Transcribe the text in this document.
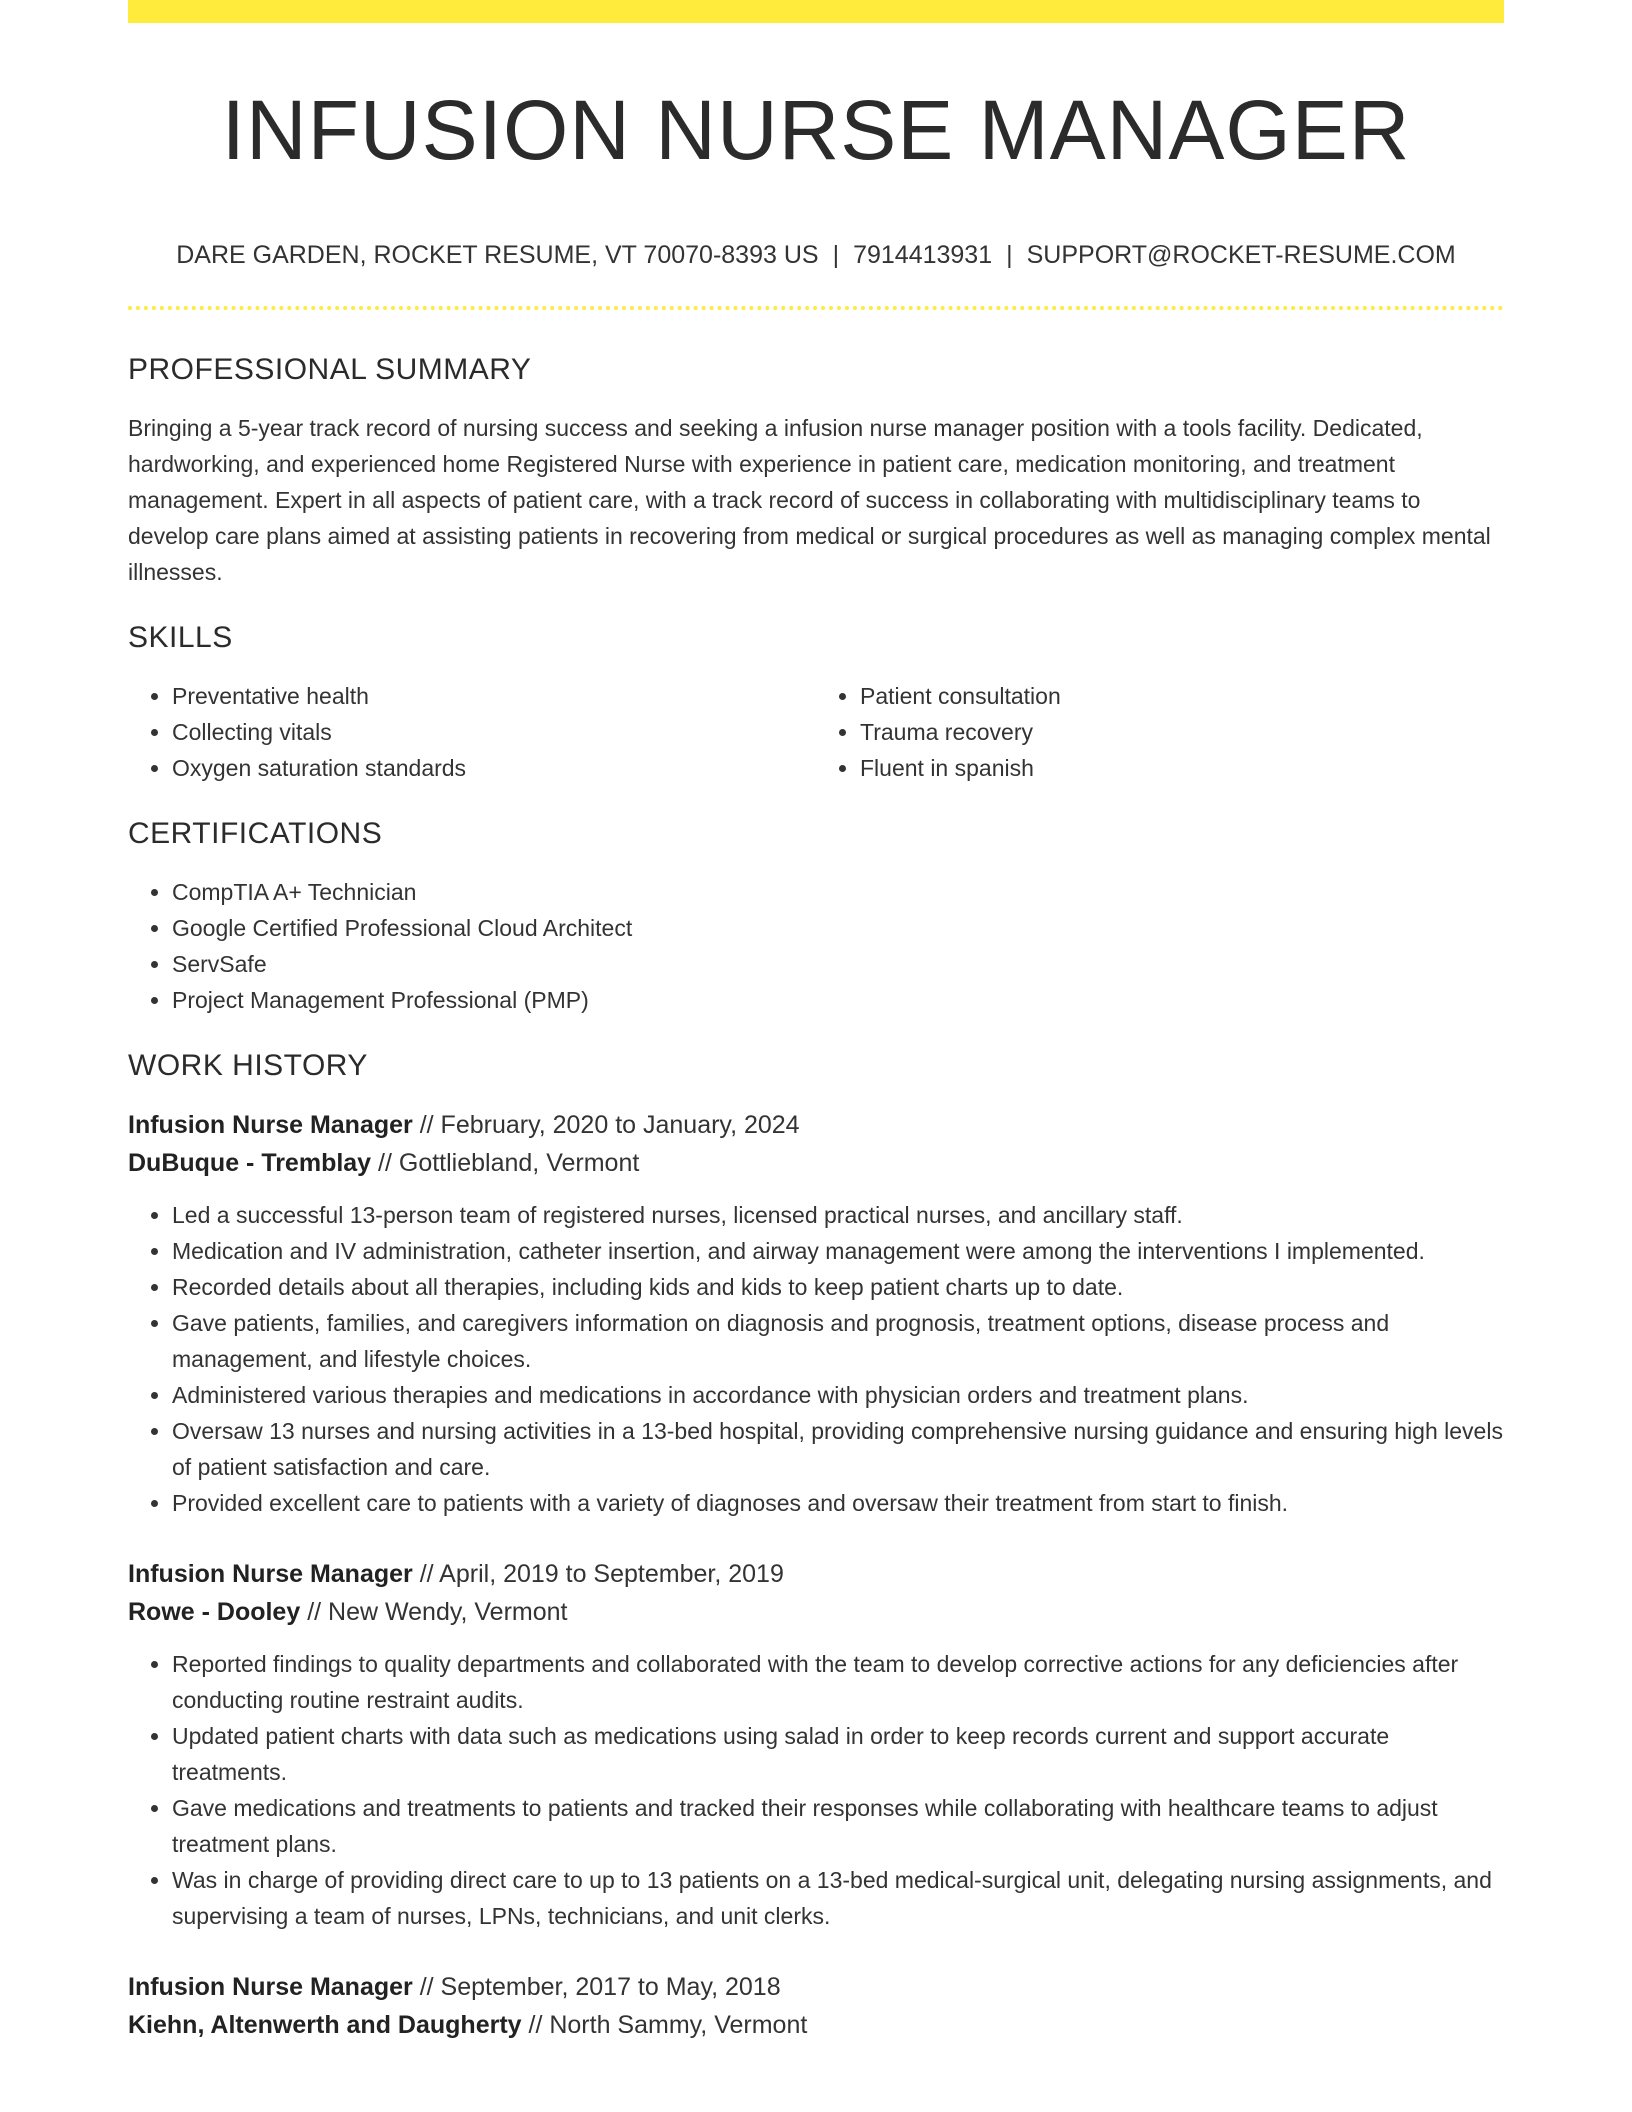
INFUSION NURSE MANAGER
DARE GARDEN, ROCKET RESUME, VT 70070-8393 US | 7914413931 | SUPPORT@ROCKET-RESUME.COM
PROFESSIONAL SUMMARY

Bringing a 5-year track record of nursing success and seeking a infusion nurse manager position with a tools facility. Dedicated, hardworking, and experienced home Registered Nurse with experience in patient care, medication monitoring, and treatment management. Expert in all aspects of patient care, with a track record of success in collaborating with multidisciplinary teams to develop care plans aimed at assisting patients in recovering from medical or surgical procedures as well as managing complex mental illnesses.

SKILLS
• Preventative health
• Collecting vitals
• Oxygen saturation standards
• Patient consultation
• Trauma recovery
• Fluent in spanish
CERTIFICATIONS
• CompTIA A+ Technician
• Google Certified Professional Cloud Architect
• ServSafe
• Project Management Professional (PMP)
WORK HISTORY
Infusion Nurse Manager // February, 2020 to January, 2024
DuBuque - Tremblay // Gottliebland, Vermont
• Led a successful 13-person team of registered nurses, licensed practical nurses, and ancillary staff.
• Medication and IV administration, catheter insertion, and airway management were among the interventions I implemented.
• Recorded details about all therapies, including kids and kids to keep patient charts up to date.
• Gave patients, families, and caregivers information on diagnosis and prognosis, treatment options, disease process and management, and lifestyle choices.
• Administered various therapies and medications in accordance with physician orders and treatment plans.
• Oversaw 13 nurses and nursing activities in a 13-bed hospital, providing comprehensive nursing guidance and ensuring high levels of patient satisfaction and care.
• Provided excellent care to patients with a variety of diagnoses and oversaw their treatment from start to finish.
Infusion Nurse Manager // April, 2019 to September, 2019
Rowe - Dooley // New Wendy, Vermont
• Reported findings to quality departments and collaborated with the team to develop corrective actions for any deficiencies after conducting routine restraint audits.
• Updated patient charts with data such as medications using salad in order to keep records current and support accurate treatments.
• Gave medications and treatments to patients and tracked their responses while collaborating with healthcare teams to adjust treatment plans.
• Was in charge of providing direct care to up to 13 patients on a 13-bed medical-surgical unit, delegating nursing assignments, and supervising a team of nurses, LPNs, technicians, and unit clerks.
Infusion Nurse Manager // September, 2017 to May, 2018
Kiehn, Altenwerth and Daugherty // North Sammy, Vermont
